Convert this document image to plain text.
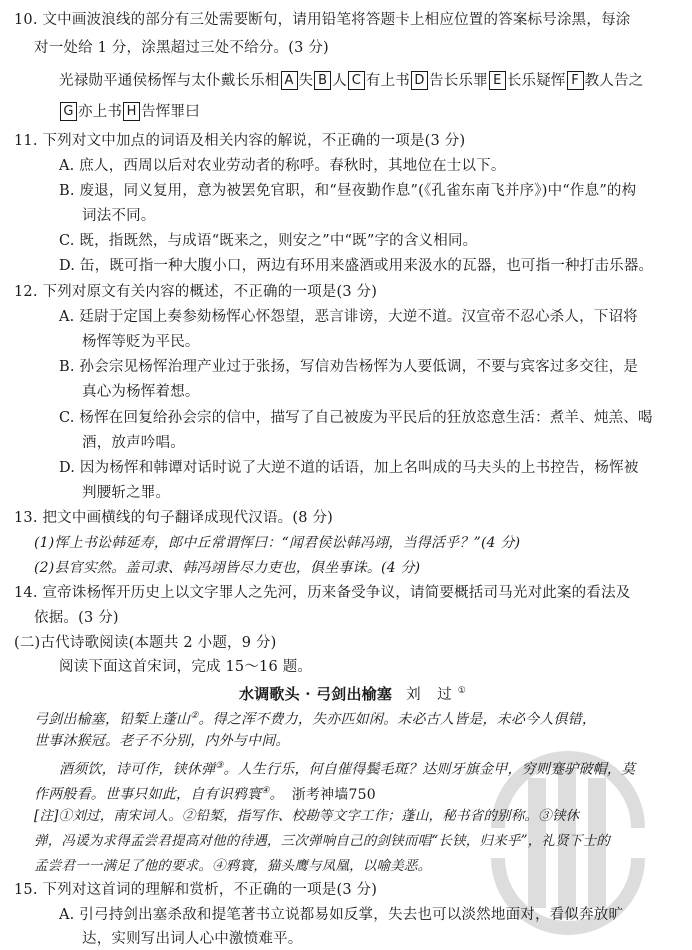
10. 文中画波浪线的部分有三处需要断句，请用铅笔将答题卡上相应位置的答案标号涂黑，每涂
对一处给 1 分，涂黑超过三处不给分。(3 分)
光禄勋平通侯杨恽与太仆戴长乐相 A 失 B 人 C 有上书 D 告长乐罪 E 长乐疑恽 F 教人告之
G 亦上书 H 告恽罪曰
11. 下列对文中加点的词语及相关内容的解说，不正确的一项是(3 分)
A. 庶人，西周以后对农业劳动者的称呼。春秋时，其地位在士以下。
B. 废退，同义复用，意为被罢免官职，和“昼夜勤作息”(《孔雀东南飞并序》)中“作息”的构
词法不同。
C. 既，指既然，与成语“既来之，则安之”中“既”字的含义相同。
D. 缶，既可指一种大腹小口，两边有环用来盛酒或用来汲水的瓦器，也可指一种打击乐器。
12. 下列对原文有关内容的概述，不正确的一项是(3 分)
A. 廷尉于定国上奏参劾杨恽心怀怨望，恶言诽谤，大逆不道。汉宣帝不忍心杀人，下诏将
杨恽等贬为平民。
B. 孙会宗见杨恽治理产业过于张扬，写信劝告杨恽为人要低调，不要与宾客过多交往，是
真心为杨恽着想。
C. 杨恽在回复给孙会宗的信中，描写了自己被废为平民后的狂放恣意生活：煮羊、炖羔、喝
酒，放声吟唱。
D. 因为杨恽和韩谭对话时说了大逆不道的话语，加上名叫成的马夫头的上书控告，杨恽被
判腰斩之罪。
13. 把文中画横线的句子翻译成现代汉语。(8 分)
(1)恽上书讼韩延寿，郎中丘常谓恽曰：“闻君侯讼韩冯翊，当得活乎？”(4 分)
(2)县官实然。盖司隶、韩冯翊皆尽力吏也，俱坐事诛。(4 分)
14. 宣帝诛杨恽开历史上以文字罪人之先河，历来备受争议，请简要概括司马光对此案的看法及
依据。(3 分)
(二)古代诗歌阅读(本题共 2 小题，9 分)
阅读下面这首宋词，完成 15～16 题。
水调歌头 · 弓剑出榆塞 刘 过①
弓剑出榆塞，铅椠上蓬山②。得之浑不费力，失亦匹如闲。未必古人皆是，未必今人俱错，
世事沐猴冠。老子不分别，内外与中间。
酒须饮，诗可作，铗休弹③。人生行乐，何自催得鬓毛斑？达则牙旗金甲，穷则蹇驴破帽，莫
作两般看。世事只如此，自有识鸦寰④。 浙考神墙750
[注]①刘过，南宋词人。②铅椠，指写作、校勘等文字工作；蓬山，秘书省的别称。③铗休
弹，冯谖为求得孟尝君提高对他的待遇，三次弹响自己的剑铗而唱“长铗，归来乎”，礼贤下士的
孟尝君一一满足了他的要求。④鸦寰，猫头鹰与凤凰，以喻美恶。
15. 下列对这首词的理解和赏析，不正确的一项是(3 分)
A. 引弓持剑出塞杀敌和提笔著书立说都易如反掌，失去也可以淡然地面对，看似奔放旷
达，实则写出词人心中激愤难平。
